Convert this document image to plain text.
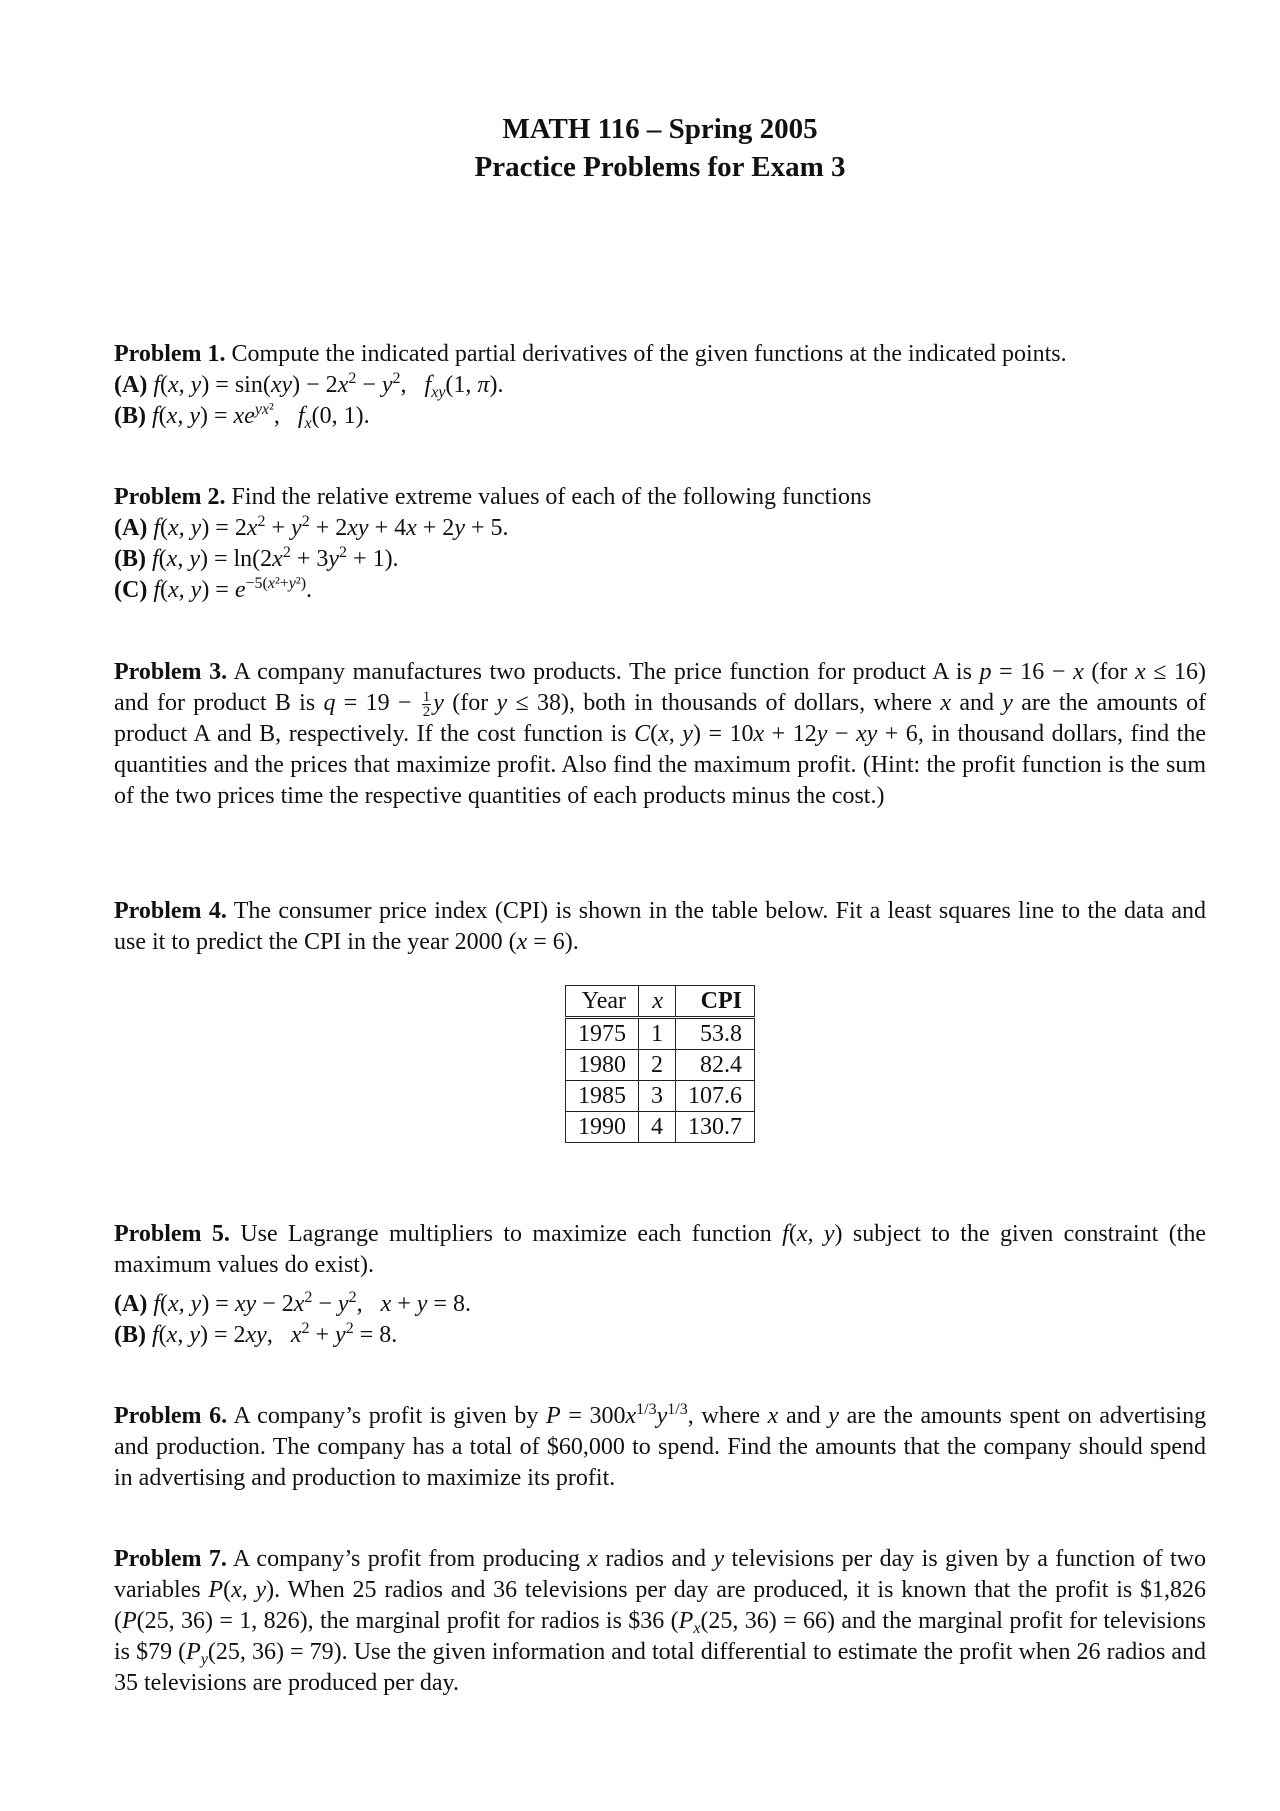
MATH 116 – Spring 2005
Practice Problems for Exam 3
Problem 1. Compute the indicated partial derivatives of the given functions at the indicated points.
(A) f(x, $y) = \sin(xy) - 2x^2 - y^2$,   $f_{xy}(1$, π).
(B) f(x, $y) = xe^{yx^2}$,   $f_x(0$, 1).
Problem 2. Find the relative extreme values of each of the following functions
(A) f(x, $y) = 2x^2 + y^2 + 2xy + 4x + 2y + 5$.
(B) f(x, $y) = \ln(2x^2 + 3y^2 + 1)$.
(C) f(x, $y) = e^{-5(x^2+y^2)}$.
Problem 3. A company manufactures two products. The price function for product A is p = 16 − x (for x ≤ 16) and for product B is $q = 19 - \frac{1}{2}$ y (for y ≤ 38), both in thousands of dollars, where x and y are the amounts of product A and B, respectively. If the cost function is C(x, y) = 10x + 12y − xy + 6, in thousand dollars, find the quantities and the prices that maximize profit. Also find the maximum profit. (Hint: the profit function is the sum of the two prices time the respective quantities of each products minus the cost.)
Problem 4. The consumer price index (CPI) is shown in the table below. Fit a least squares line to the data and use it to predict the CPI in the year 2000 (x = 6).
Year	x	CPI
1975	1	53.8
1980	2	82.4
1985	3	107.6
1990	4	130.7
Problem 5. Use Lagrange multipliers to maximize each function f(x, y) subject to the given constraint (the maximum values do exist).
(A) f(x, y) = xy − $2x^2 - y^2$,   x + y = 8.
(B) f(x, y) = 2xy,   $x^2 + y^2 = 8$.
Problem 6. A company’s profit is given by $P = 300x^{1/3}y^{1/3}$, where x and y are the amounts spent on advertising and production. The company has a total of $60,000 to spend. Find the amounts that the company should spend in advertising and production to maximize its profit.
Problem 7. A company’s profit from producing x radios and y televisions per day is given by a function of two variables P(x, y). When 25 radios and 36 televisions per day are produced, it is known that the profit is $1,826 (P(25, 36) = 1, 826), the marginal profit for radios is $36 ($P_x(25$, 36) = 66) and the marginal profit for televisions is $79 ($P_y(25$, 36) = 79). Use the given information and total differential to estimate the profit when 26 radios and 35 televisions are produced per day.
